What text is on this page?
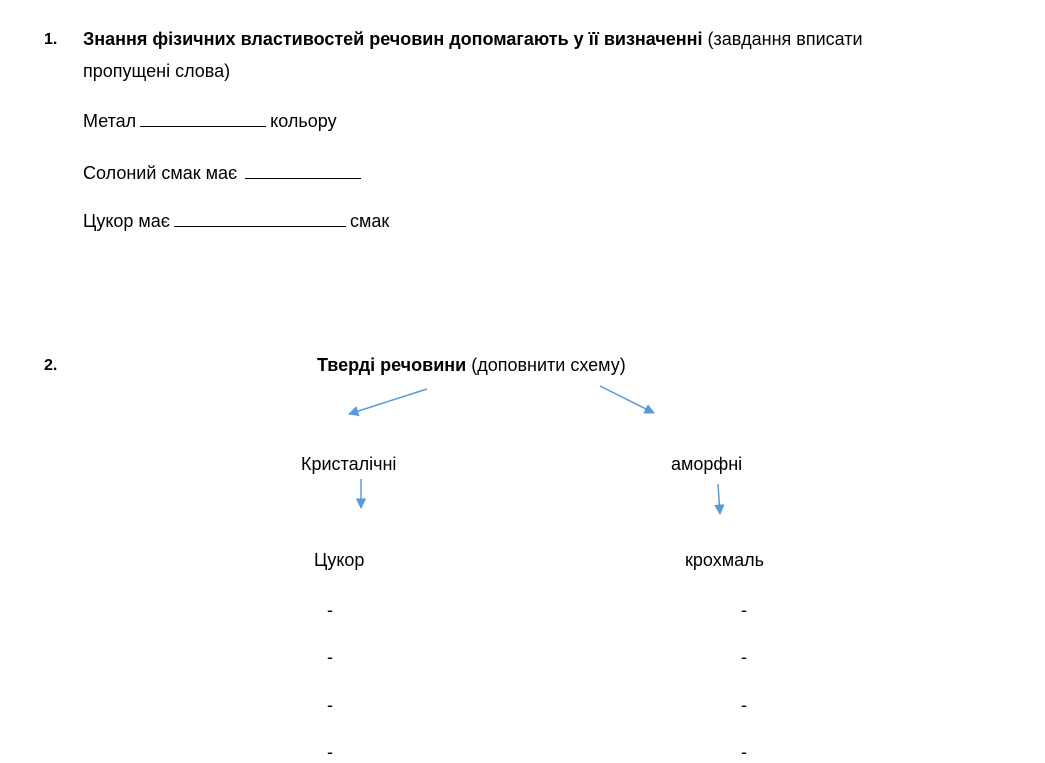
1. Знання фізичних властивостей речовин допомагають у її визначенні (завдання вписати
пропущені слова)
Метал	кольору
Солоний смак має
Цукор має	смак
2.	Тверді речовини (доповнити схему)
Кристалічні	аморфні
Цукор	крохмаль
-
-
-
-
-
-
-
-
